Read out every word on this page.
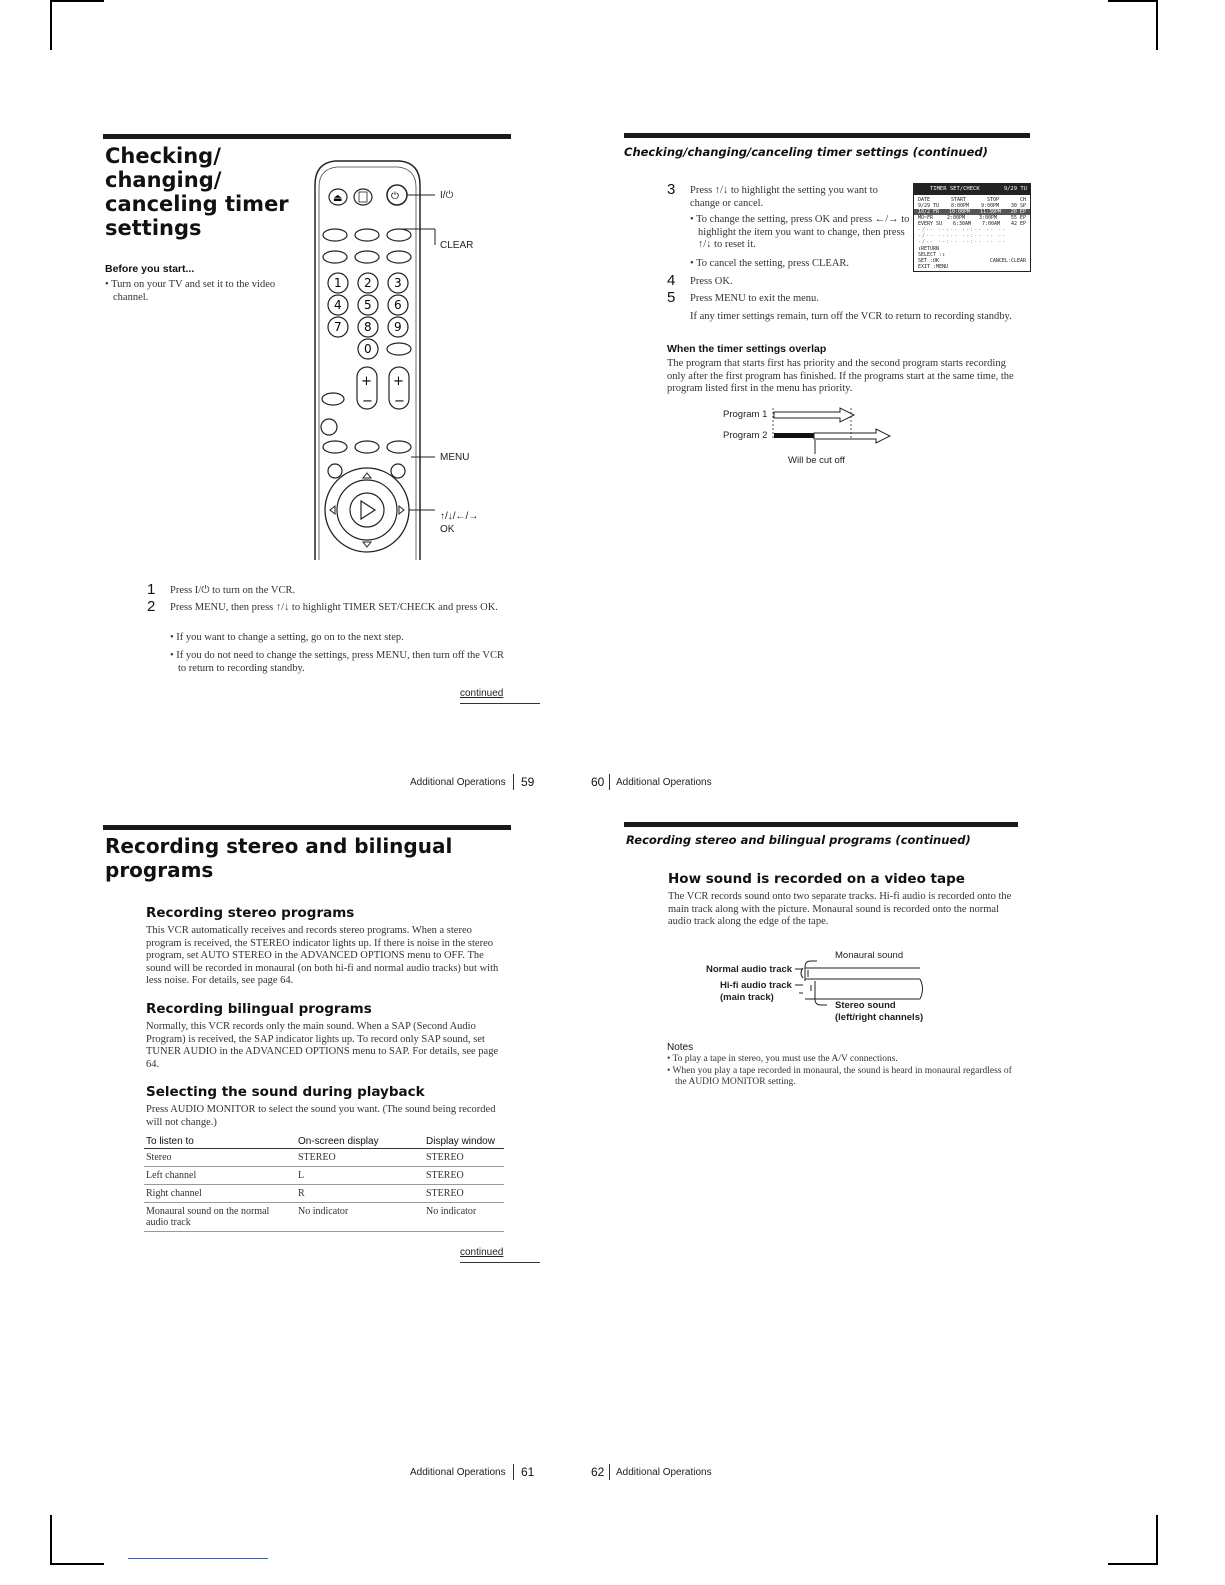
Checking/
changing/
canceling timer
settings
Before you start...
• Turn on your TV and set it to the video channel.
⏏	⏻
1 2 3
4 5 6
7 8 9
0
+ +
− −
I/⏻
CLEAR
MENU
↑/↓/←/→
OK
1 Press I/⏻ to turn on the VCR.
2 Press MENU, then press ↑/↓ to highlight TIMER SET/CHECK and press OK.
• If you want to change a setting, go on to the next step.
• If you do not need to change the settings, press MENU, then turn off the VCR to return to recording standby.
continued
Additional Operations 59
Checking/changing/canceling timer settings (continued)
3 Press ↑/↓ to highlight the setting you want to change or cancel.
• To change the setting, press OK and press ←/→ to highlight the item you want to change, then press ↑/↓ to reset it.
• To cancel the setting, press CLEAR.
4 Press OK.
5 Press MENU to exit the menu.
If any timer settings remain, turn off the VCR to return to recording standby.
TIMER SET/CHECK	9/29 TU
DATE	START	STOP	CH
9/29 TU 8:00PM 9:00PM 30 SP
10/2 FR 10:00PM 11:30PM 20 EP
MO~FR	2:00PM	3:00PM	55 EP
EVERY SU 6:30AM 7:00AM 42 EP
-/-- --:-- --:-- -- --
-/-- --:-- --:-- -- --
-/-- --:-- --:-- -- --
↕RETURN
SELECT :↕
SET :OK	CANCEL:CLEAR
EXIT :MENU
When the timer settings overlap
The program that starts first has priority and the second program starts recording only after the first program has finished. If the programs start at the same time, the program listed first in the menu has priority.
Program 1
Program 2
Will be cut off
60 Additional Operations
Recording stereo and bilingual
programs
Recording stereo programs
This VCR automatically receives and records stereo programs. When a stereo program is received, the STEREO indicator lights up. If there is noise in the stereo program, set AUTO STEREO in the ADVANCED OPTIONS menu to OFF. The sound will be recorded in monaural (on both hi-fi and normal audio tracks) but with less noise. For details, see page 64.
Recording bilingual programs
Normally, this VCR records only the main sound. When a SAP (Second Audio Program) is received, the SAP indicator lights up. To record only SAP sound, set TUNER AUDIO in the ADVANCED OPTIONS menu to SAP. For details, see page 64.
Selecting the sound during playback
Press AUDIO MONITOR to select the sound you want. (The sound being recorded will not change.)
To listen to	On-screen display	Display window
Stereo	STEREO	STEREO
Left channel	L	STEREO
Right channel	R	STEREO
Monaural sound on the normal audio track	No indicator	No indicator
continued
Additional Operations 61
Recording stereo and bilingual programs (continued)
How sound is recorded on a video tape
The VCR records sound onto two separate tracks. Hi-fi audio is recorded onto the main track along with the picture. Monaural sound is recorded onto the normal audio track along the edge of the tape.
Monaural sound
Normal audio track
Hi-fi audio track
(main track)
Stereo sound
(left/right channels)
Notes
• To play a tape in stereo, you must use the A/V connections.
• When you play a tape recorded in monaural, the sound is heard in monaural regardless of the AUDIO MONITOR setting.
62 Additional Operations
